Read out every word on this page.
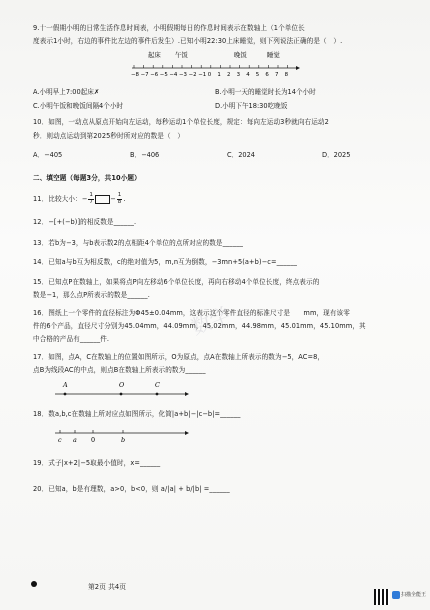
9.十一假期小明的日常生活作息时间表，小明假期每日的作息时间表示在数轴上（1个单位长
度表示1小时，右边的事件比左边的事件后发生）.已知小明22:30上床睡觉，则下列说法正确的是（　）.
起床 午饭	晚饭	睡觉
−8 −7 −6 −5 −4 −3 −2 −1 0 1 2 3 4 5 6 7 8
A.小明早上7:00起床✗	B.小明一天的睡觉时长为14个小时
C.小明午饭和晚饭间隔4个小时	D.小明下午18:30吃晚饭
10．如图，一动点从原点开始向左运动，每秒运动1个单位长度，规定：每向左运动3秒就向右运动2
秒．则动点运动到第2025秒时所对应的数是（　）
A．−405	B．−406	C．2024	D．2025
二、填空题（每题3分，共10小题）
11．比较大小：− $\frac{1}{7} - \frac{1}{8}$ .
12．−[+(−b)]的相反数是______.
13．若b为−3，与b表示数2的点相距4个单位的点所对应的数是______
14．已知a与b互为相反数，c的绝对值为5，m,n互为倒数，−3mn+5(a+b)−c=______
15．已知点P在数轴上，如果将点P向左移动6个单位长度，再向右移动4个单位长度，终点表示的
数是−1，那么点P所表示的数是______.
16．图纸上一个零件的直径标注为Φ45±0.04mm，这表示这个零件直径的标准尺寸是　　mm，现有该零
件的6个产品，直径尺寸分别为45.04mm，44.09mm，45.02mm，44.98mm，45.01mm，45.10mm，其
中合格的产品有______件.	数学
17．如图，点A，C在数轴上的位置如图所示，O为原点，点A在数轴上所表示的数为−5，AC=8，
点B为线段AC的中点，则点B在数轴上所表示的数为______
A	O	C
18．数a,b,c在数轴上所对应点如图所示，化简|a+b|−|c−b|=______
c a 0	b
19．式子|x+2|−5取最小值时，x=______
20．已知a，b是有理数，a>0，b<0，则 a/|a| + b/|b| =______
第2页 共4页
扫描全能王
